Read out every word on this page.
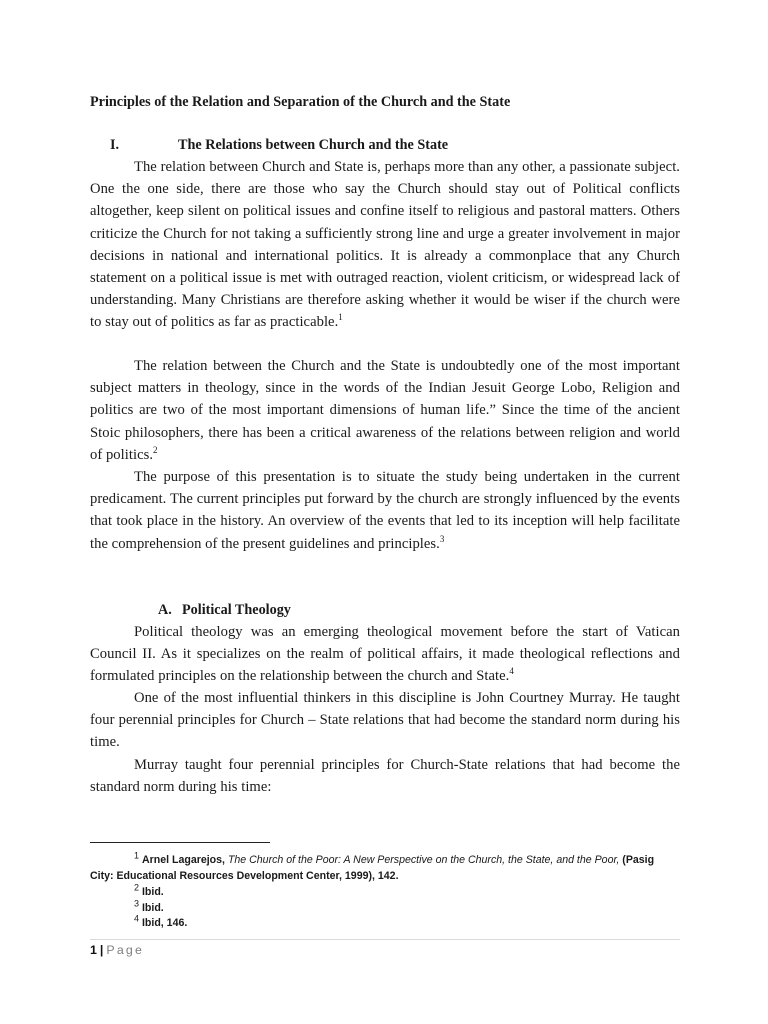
Principles of the Relation and Separation of the Church and the State
I.	The Relations between Church and the State
The relation between Church and State is, perhaps more than any other, a passionate subject. One the one side, there are those who say the Church should stay out of Political conflicts altogether, keep silent on political issues and confine itself to religious and pastoral matters. Others criticize the Church for not taking a sufficiently strong line and urge a greater involvement in major decisions in national and international politics. It is already a commonplace that any Church statement on a political issue is met with outraged reaction, violent criticism, or widespread lack of understanding. Many Christians are therefore asking whether it would be wiser if the church were to stay out of politics as far as practicable.$^1$
The relation between the Church and the State is undoubtedly one of the most important subject matters in theology, since in the words of the Indian Jesuit George Lobo, Religion and politics are two of the most important dimensions of human life.” Since the time of the ancient Stoic philosophers, there has been a critical awareness of the relations between religion and world of politics.$^2$
The purpose of this presentation is to situate the study being undertaken in the current predicament. The current principles put forward by the church are strongly influenced by the events that took place in the history. An overview of the events that led to its inception will help facilitate the comprehension of the present guidelines and principles.$^3$
A. Political Theology
Political theology was an emerging theological movement before the start of Vatican Council II. As it specializes on the realm of political affairs, it made theological reflections and formulated principles on the relationship between the church and State.$^4$
One of the most influential thinkers in this discipline is John Courtney Murray. He taught four perennial principles for Church – State relations that had become the standard norm during his time.
Murray taught four perennial principles for Church-State relations that had become the standard norm during his time:
$^1$ Arnel Lagarejos, The Church of the Poor: A New Perspective on the Church, the State, and the Poor, (Pasig City: Educational Resources Development Center, 1999), 142.
$^2$ Ibid.
$^3$ Ibid.
$^4$ Ibid, 146.
1 | Page
